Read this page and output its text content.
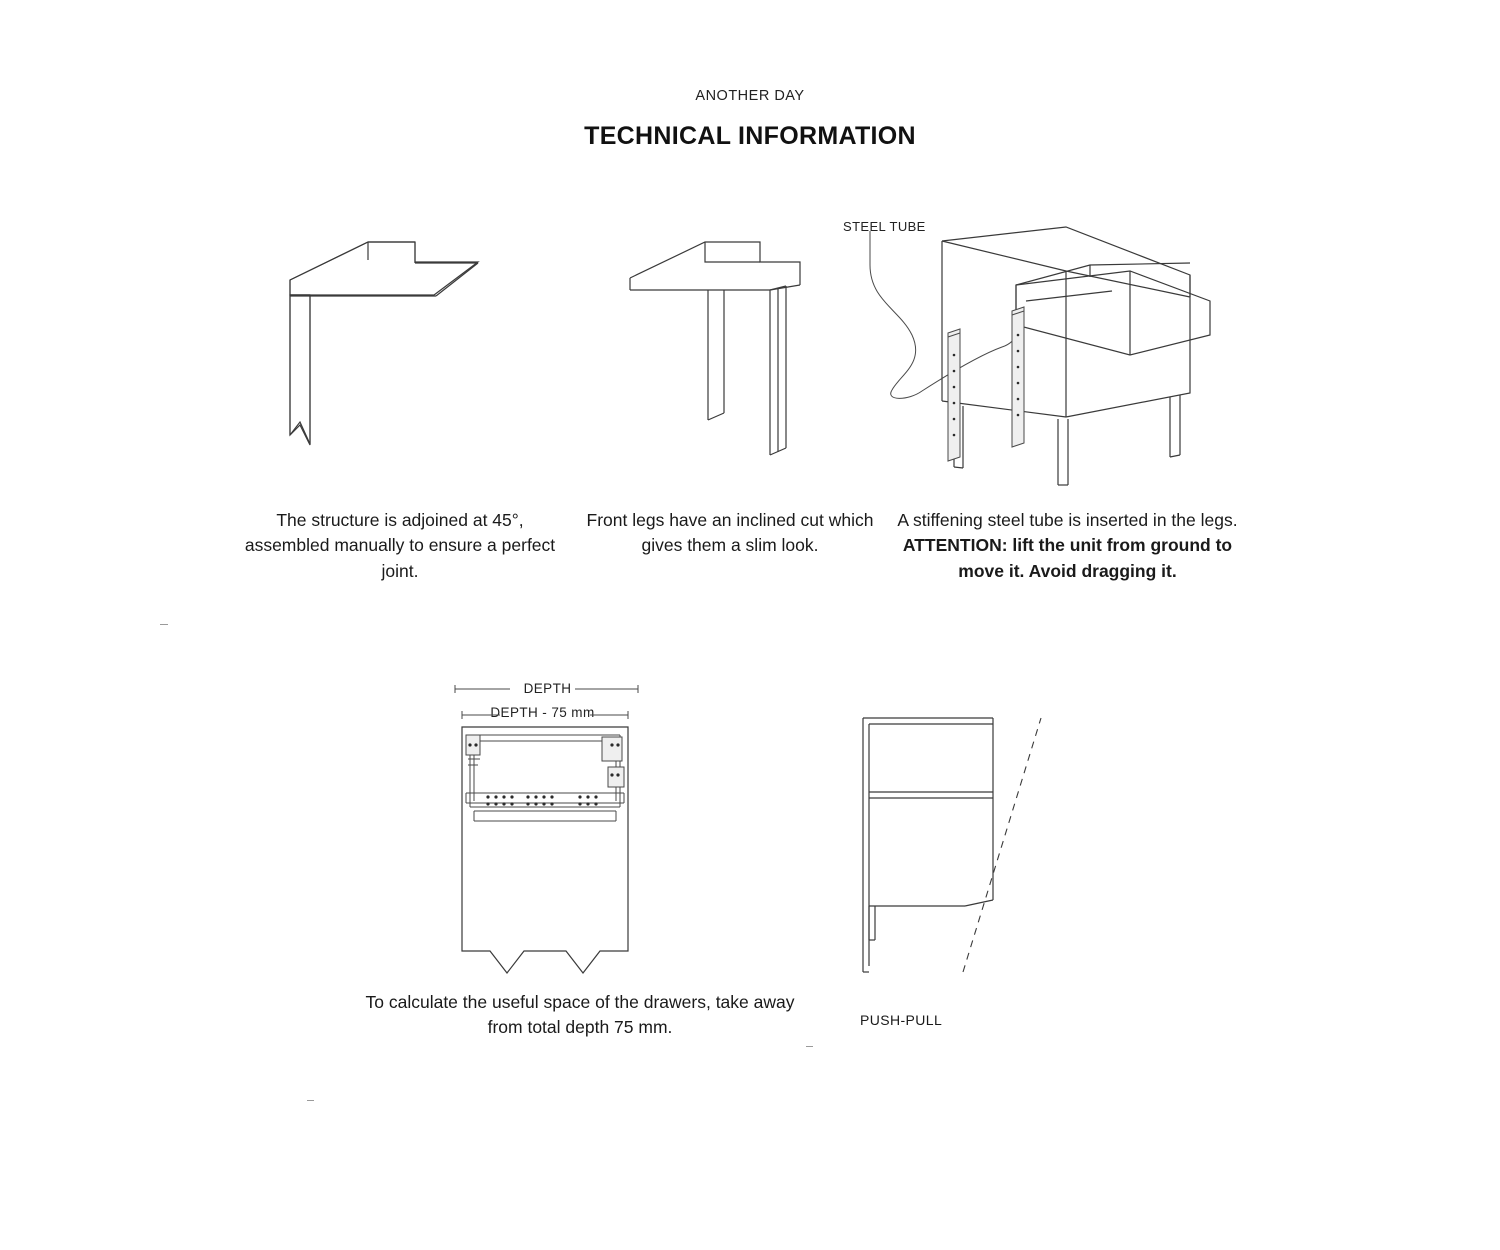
ANOTHER DAY
TECHNICAL INFORMATION
The structure is adjoined at 45°, assembled manually to ensure a perfect joint.
Front legs have an inclined cut which gives them a slim look.
STEEL TUBE
A stiffening steel tube is inserted in the legs.
ATTENTION: lift the unit from ground to move it. Avoid dragging it.
DEPTH
DEPTH - 75 mm
To calculate the useful space of the drawers, take away from total depth 75 mm.	PUSH-PULL
